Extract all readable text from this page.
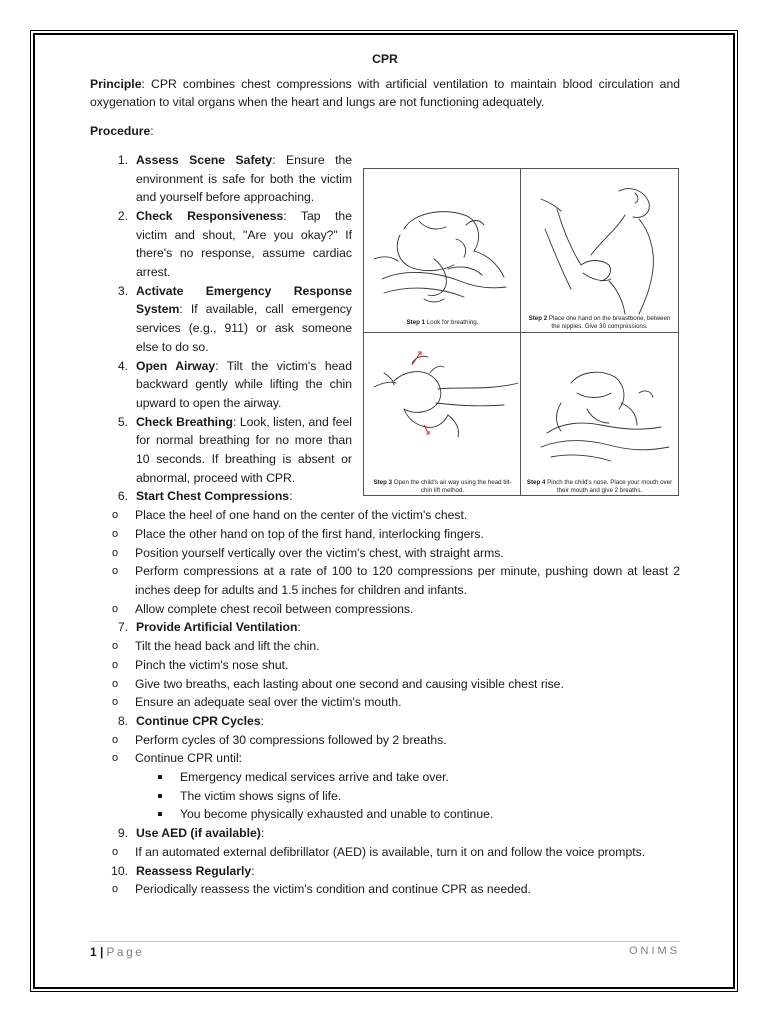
CPR

Principle: CPR combines chest compressions with artificial ventilation to maintain blood circulation and oxygenation to vital organs when the heart and lungs are not functioning adequately.

Procedure:

1. Assess Scene Safety: Ensure the environment is safe for both the victim and yourself before approaching.
2. Check Responsiveness: Tap the victim and shout, "Are you okay?" If there's no response, assume cardiac arrest.
3. Activate Emergency Response System: If available, call emergency services (e.g., 911) or ask someone else to do so.
4. Open Airway: Tilt the victim's head backward gently while lifting the chin upward to open the airway.
5. Check Breathing: Look, listen, and feel for normal breathing for no more than 10 seconds. If breathing is absent or abnormal, proceed with CPR.
6. Start Chest Compressions:
o Place the heel of one hand on the center of the victim's chest.
o Place the other hand on top of the first hand, interlocking fingers.
o Position yourself vertically over the victim's chest, with straight arms.
o Perform compressions at a rate of 100 to 120 compressions per minute, pushing down at least 2 inches deep for adults and 1.5 inches for children and infants.
o Allow complete chest recoil between compressions.
7. Provide Artificial Ventilation:
o Tilt the head back and lift the chin.
o Pinch the victim's nose shut.
o Give two breaths, each lasting about one second and causing visible chest rise.
o Ensure an adequate seal over the victim's mouth.
8. Continue CPR Cycles:
o Perform cycles of 30 compressions followed by 2 breaths.
o Continue CPR until:
Emergency medical services arrive and take over.
The victim shows signs of life.
You become physically exhausted and unable to continue.
9. Use AED (if available):
o If an automated external defibrillator (AED) is available, turn it on and follow the voice prompts.
10. Reassess Regularly:
o Periodically reassess the victim's condition and continue CPR as needed.
Step 1 Look for breathing.
Step 2 Place one hand on the breastbone, between the nipples. Give 30 compressions.
Step 3 Open the child's air way using the head tilt-chin lift method.
Step 4 Pinch the child's nose. Place your mouth over their mouth and give 2 breaths.
1 | Page	ONIMS
